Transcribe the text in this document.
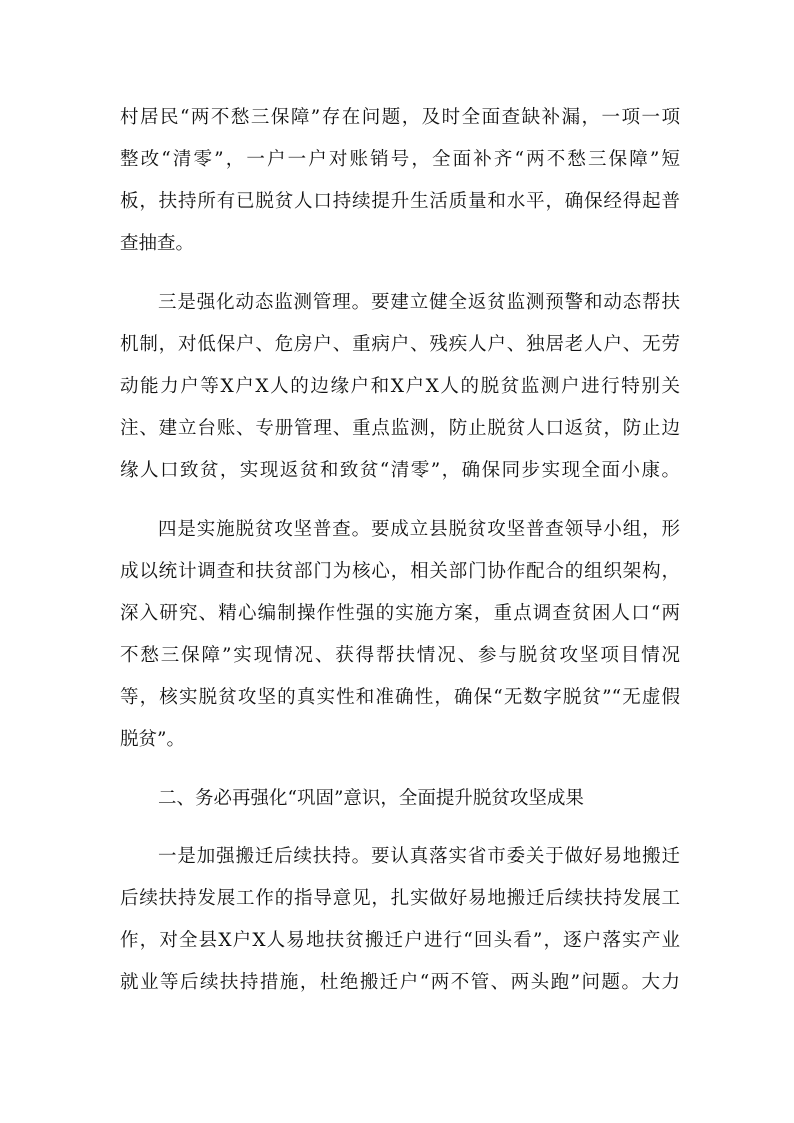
村居民“两不愁三保障”存在问题，及时全面查缺补漏，一项一项
整改“清零”，一户一户对账销号，全面补齐“两不愁三保障”短
板，扶持所有已脱贫人口持续提升生活质量和水平，确保经得起普
查抽查。
三是强化动态监测管理。要建立健全返贫监测预警和动态帮扶
机制，对低保户、危房户、重病户、残疾人户、独居老人户、无劳
动能力户等X户X人的边缘户和X户X人的脱贫监测户进行特别关
注、建立台账、专册管理、重点监测，防止脱贫人口返贫，防止边
缘人口致贫，实现返贫和致贫“清零”，确保同步实现全面小康。
四是实施脱贫攻坚普查。要成立县脱贫攻坚普查领导小组，形
成以统计调查和扶贫部门为核心，相关部门协作配合的组织架构，
深入研究、精心编制操作性强的实施方案，重点调查贫困人口“两
不愁三保障”实现情况、获得帮扶情况、参与脱贫攻坚项目情况
等，核实脱贫攻坚的真实性和准确性，确保“无数字脱贫”“无虚假
脱贫”。
二、务必再强化“巩固”意识，全面提升脱贫攻坚成果
一是加强搬迁后续扶持。要认真落实省市委关于做好易地搬迁
后续扶持发展工作的指导意见，扎实做好易地搬迁后续扶持发展工
作，对全县X户X人易地扶贫搬迁户进行“回头看”，逐户落实产业
就业等后续扶持措施，杜绝搬迁户“两不管、两头跑”问题。大力
